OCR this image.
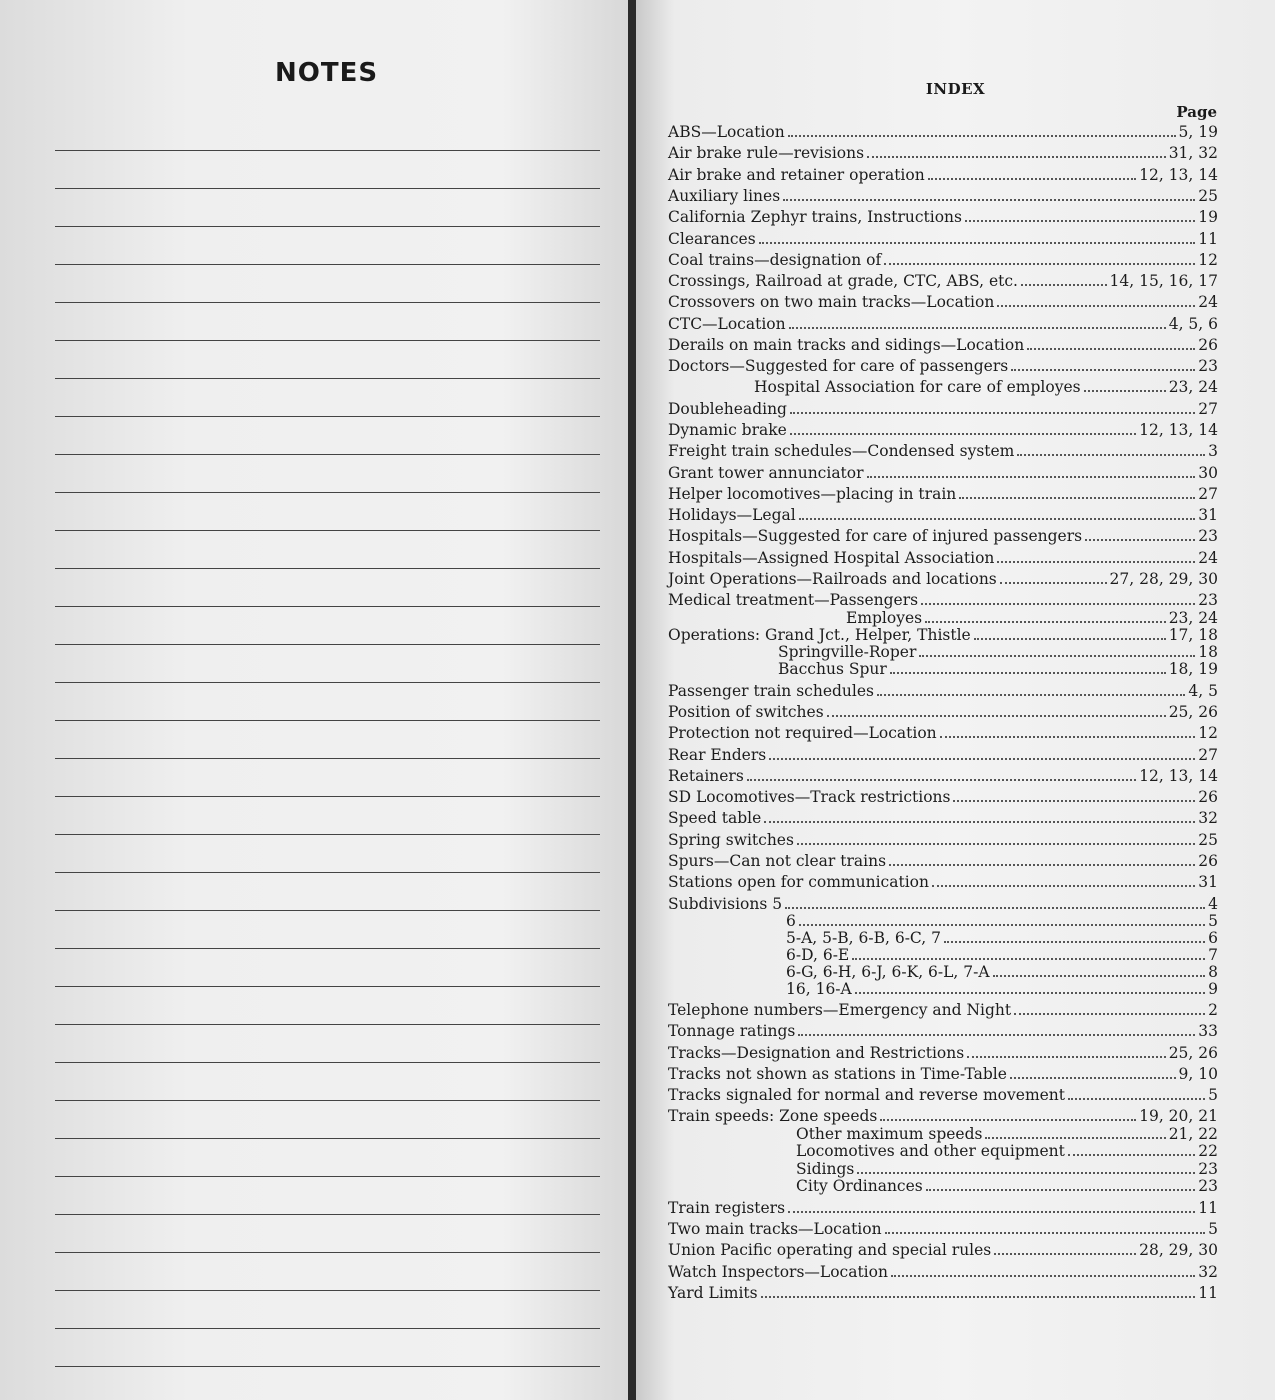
NOTES
INDEX
Page
ABS—Location	5, 19
Air brake rule—revisions	31, 32
Air brake and retainer operation	12, 13, 14
Auxiliary lines	25
California Zephyr trains, Instructions	19
Clearances	11
Coal trains—designation of	12
Crossings, Railroad at grade, CTC, ABS, etc.	14, 15, 16, 17
Crossovers on two main tracks—Location	24
CTC—Location	4, 5, 6
Derails on main tracks and sidings—Location	26
Doctors—Suggested for care of passengers	23
Hospital Association for care of employes	23, 24
Doubleheading	27
Dynamic brake	12, 13, 14
Freight train schedules—Condensed system	3
Grant tower annunciator	30
Helper locomotives—placing in train	27
Holidays—Legal	31
Hospitals—Suggested for care of injured passengers	23
Hospitals—Assigned Hospital Association	24
Joint Operations—Railroads and locations	27, 28, 29, 30
Medical treatment—Passengers	23
Employes	23, 24
Operations: Grand Jct., Helper, Thistle	17, 18
Springville-Roper	18
Bacchus Spur	18, 19
Passenger train schedules	4, 5
Position of switches	25, 26
Protection not required—Location	12
Rear Enders	27
Retainers	12, 13, 14
SD Locomotives—Track restrictions	26
Speed table	32
Spring switches	25
Spurs—Can not clear trains	26
Stations open for communication	31
Subdivisions 5	4
6	5
5-A, 5-B, 6-B, 6-C, 7	6
6-D, 6-E	7
6-G, 6-H, 6-J, 6-K, 6-L, 7-A	8
16, 16-A	9
Telephone numbers—Emergency and Night	2
Tonnage ratings	33
Tracks—Designation and Restrictions	25, 26
Tracks not shown as stations in Time-Table	9, 10
Tracks signaled for normal and reverse movement	5
Train speeds: Zone speeds	19, 20, 21
Other maximum speeds	21, 22
Locomotives and other equipment	22
Sidings	23
City Ordinances	23
Train registers	11
Two main tracks—Location	5
Union Pacific operating and special rules	28, 29, 30
Watch Inspectors—Location	32
Yard Limits	11
